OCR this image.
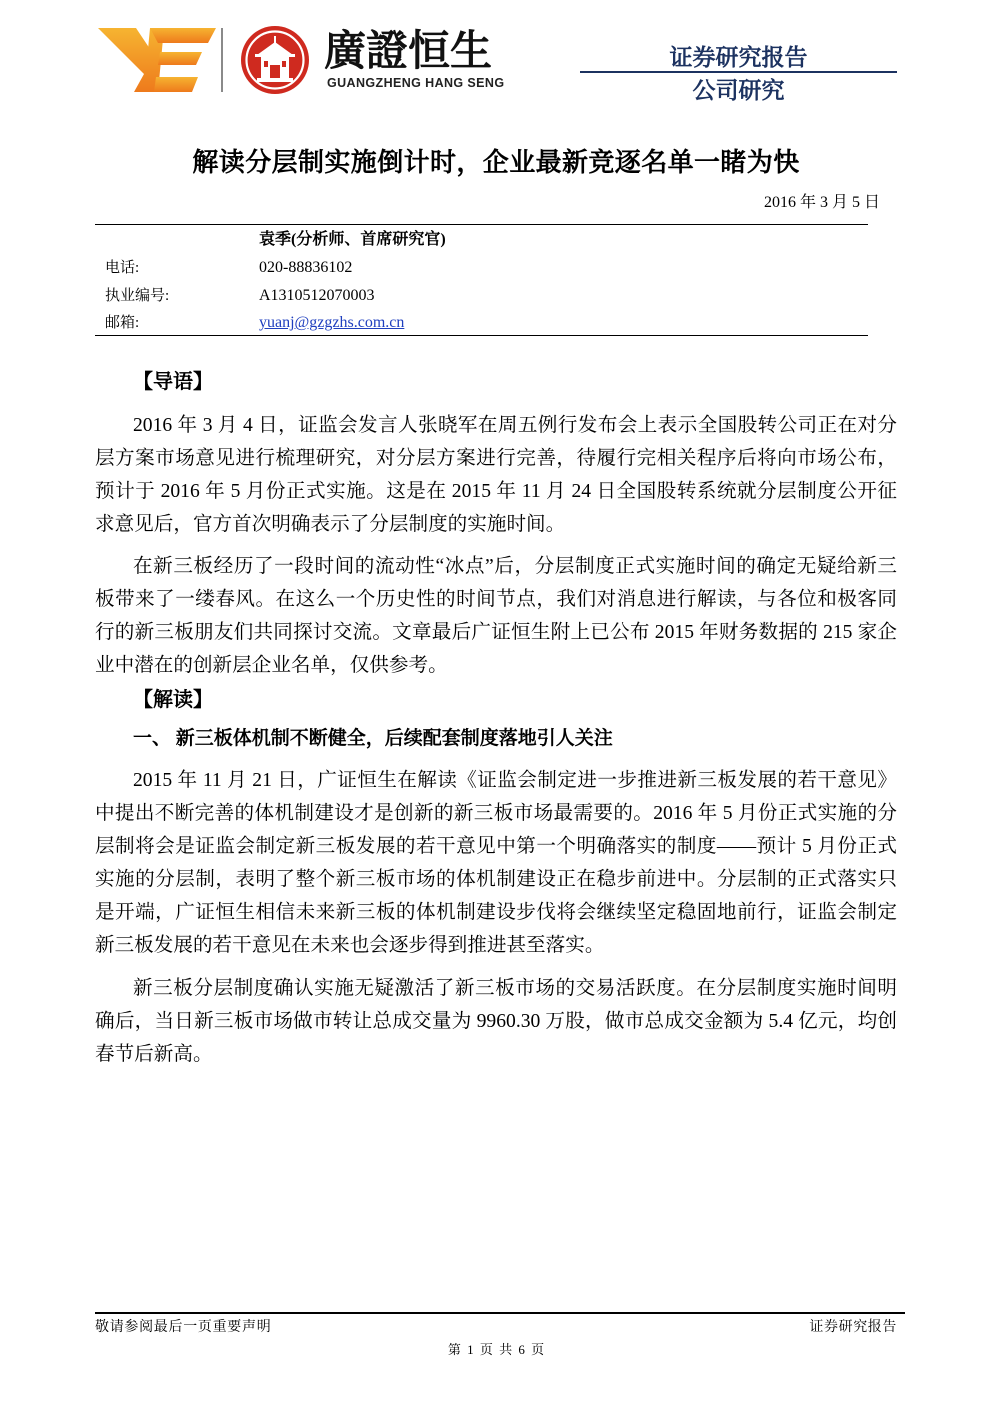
廣證恒生
GUANGZHENG HANG SENG
证券研究报告
公司研究
解读分层制实施倒计时，企业最新竞逐名单一睹为快
2016 年 3 月 5 日
袁季(分析师、首席研究官)
电话:	020-88836102
执业编号:	A1310512070003
邮箱:	yuanj@gzgzhs.com.cn
【导语】
2016 年 3 月 4 日，证监会发言人张晓军在周五例行发布会上表示全国股转公司正在对分
层方案市场意见进行梳理研究，对分层方案进行完善，待履行完相关程序后将向市场公布，
预计于 2016 年 5 月份正式实施。这是在 2015 年 11 月 24 日全国股转系统就分层制度公开征
求意见后，官方首次明确表示了分层制度的实施时间。
在新三板经历了一段时间的流动性“冰点”后，分层制度正式实施时间的确定无疑给新三
板带来了一缕春风。在这么一个历史性的时间节点，我们对消息进行解读，与各位和极客同
行的新三板朋友们共同探讨交流。文章最后广证恒生附上已公布 2015 年财务数据的 215 家企
业中潜在的创新层企业名单，仅供参考。
【解读】
一、 新三板体机制不断健全，后续配套制度落地引人关注
2015 年 11 月 21 日，广证恒生在解读《证监会制定进一步推进新三板发展的若干意见》
中提出不断完善的体机制建设才是创新的新三板市场最需要的。2016 年 5 月份正式实施的分
层制将会是证监会制定新三板发展的若干意见中第一个明确落实的制度——预计 5 月份正式
实施的分层制，表明了整个新三板市场的体机制建设正在稳步前进中。分层制的正式落实只
是开端，广证恒生相信未来新三板的体机制建设步伐将会继续坚定稳固地前行，证监会制定
新三板发展的若干意见在未来也会逐步得到推进甚至落实。
新三板分层制度确认实施无疑激活了新三板市场的交易活跃度。在分层制度实施时间明
确后，当日新三板市场做市转让总成交量为 9960.30 万股，做市总成交金额为 5.4 亿元，均创
春节后新高。
敬请参阅最后一页重要声明	证券研究报告
第 1 页 共 6 页
